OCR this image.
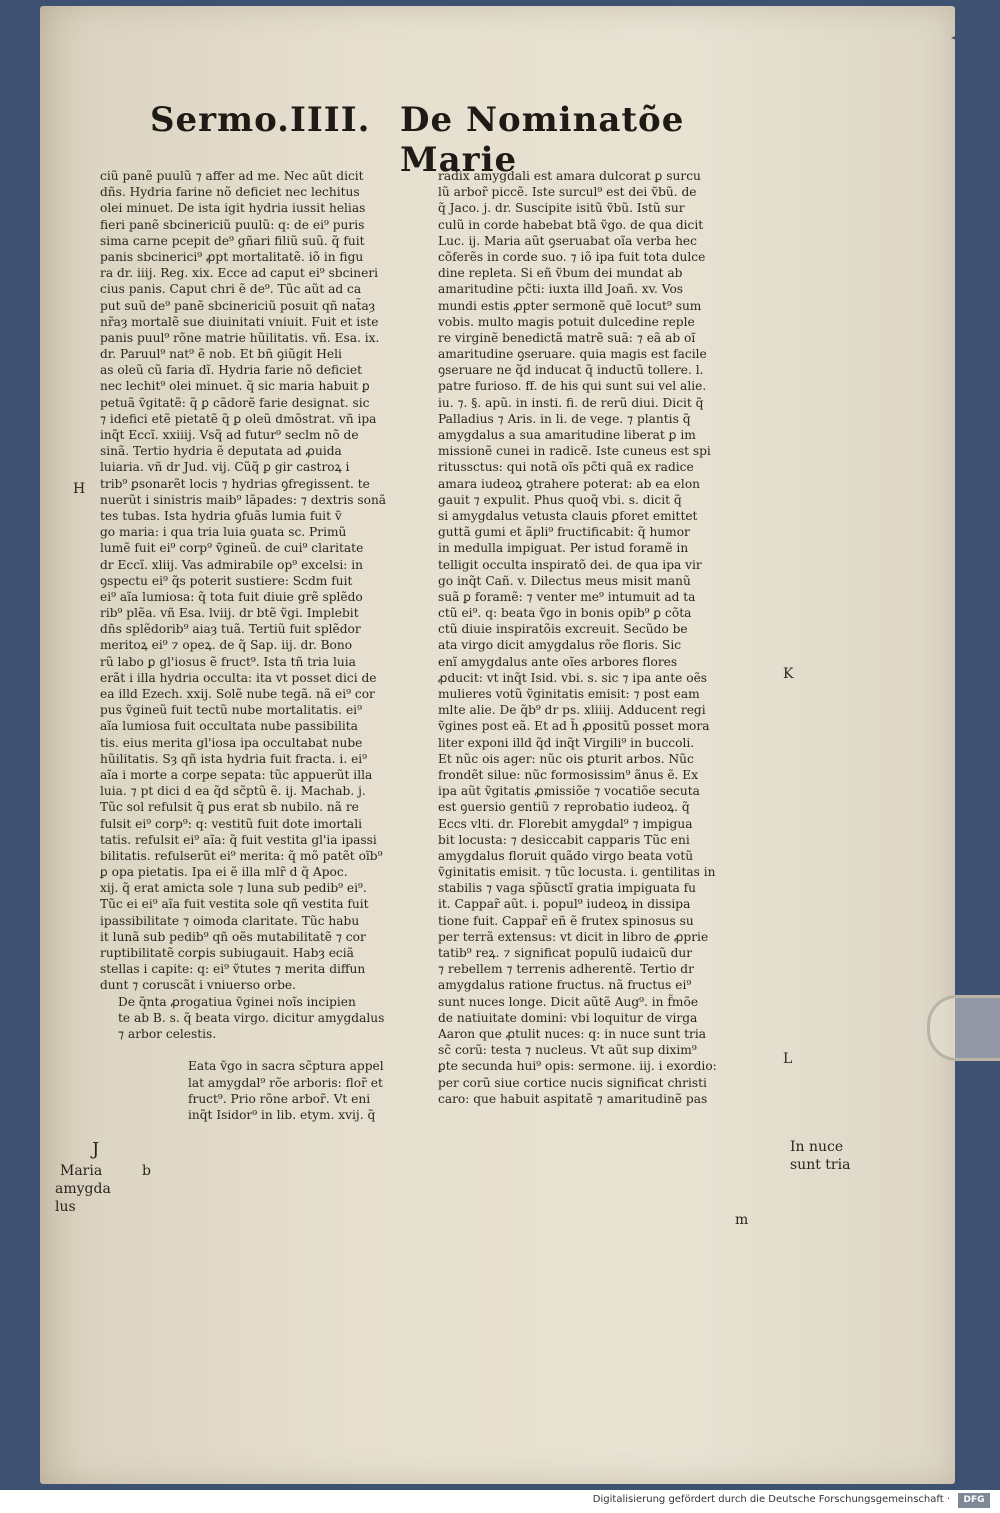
Sermo.IIII. De Nominatõe Marie
ciũ panẽ puulũ ⁊ affer ad me. Nec aũt dicit
dñs. Hydria farine nõ deficiet nec lechitus
olei minuet. De ista igit hydria iussit helias
fieri panẽ sbcinericiũ puulũ: q: de ei⁹ puris
sima carne pcepit de⁹ gñari filiũ suũ. q̃ fuit
panis sbcinerici⁹ ꝓpt mortalitatẽ. iõ in figu
ra dr. iiij. Reg. xix. Ecce ad caput ei⁹ sbcineri
cius panis. Caput chri ẽ de⁹. Tũc aũt ad ca
put suũ de⁹ panẽ sbcinericiũ posuit qñ nat̃aȝ
nr̃aȝ mortalẽ sue diuinitati vniuit. Fuit et iste
panis puul⁹ rõne matrie hũilitatis. vñ. Esa. ix.
dr. Paruul⁹ nat⁹ ẽ nob. Et bñ ꝯiũgit Heli
as oleũ cũ faria dĩ. Hydria farie nõ deficiet
nec lechit⁹ olei minuet. q̃ sic maria habuit ꝑ
petuã ṽgitatẽ: q̃ ꝑ cãdorẽ farie designat. sic
⁊ idefici etẽ pietatẽ q̃ ꝑ oleũ dmõstrat. vñ ipa
inq̃t Eccĩ. xxiiij. Vsq̃ ad futur⁹ seclm nõ de
sinã. Tertio hydria ẽ deputata ad ꝓuida
luiaria. vñ dr Jud. vij. Cũq̃ ꝑ gir castroꝝ i
trib⁹ ꝑsonarẽt locis ⁊ hydrias ꝯfregissent. te
nuerũt i sinistris maib⁹ lãpades: ⁊ dextris sonã
tes tubas. Ista hydria ꝯfuãs lumia fuit ṽ
go maria: i qua tria luia ꝯuata sc. Primũ
lumẽ fuit ei⁹ corp⁹ ṽgineũ. de cui⁹ claritate
dr Eccĩ. xliij. Vas admirabile op⁹ excelsi: in
ꝯspectu ei⁹ q̃s poterit sustiere: Scdm fuit
ei⁹ aĩa lumiosa: q̃ tota fuit diuie grẽ splẽdo
rib⁹ plẽa. vñ Esa. lviij. dr btẽ ṽgi. Implebit
dñs splẽdorib⁹ aiaȝ tuã. Tertiũ fuit splẽdor
meritoꝝ ei⁹ ⁊ opeꝝ. de q̃ Sap. iij. dr. Bono
rũ labo ꝑ gl'iosus ẽ fruct⁹. Ista tñ tria luia
erãt i illa hydria occulta: ita vt posset dici de
ea illd Ezech. xxij. Solẽ nube tegã. nã ei⁹ cor
pus ṽgineũ fuit tectũ nube mortalitatis. ei⁹
aĩa lumiosa fuit occultata nube passibilita
tis. eius merita gl'iosa ipa occultabat nube
hũilitatis. Sȝ qñ ista hydria fuit fracta. i. ei⁹
aĩa i morte a corpe sepata: tũc appuerũt illa
luia. ⁊ pt dici d ea q̃d sc̃ptũ ẽ. ij. Machab. j.
Tũc sol refulsit q̃ ꝑus erat sb nubilo. nã re
fulsit ei⁹ corp⁹: q: vestitũ fuit dote imortali
tatis. refulsit ei⁹ aĩa: q̃ fuit vestita gl'ia ipassi
bilitatis. refulserũt ei⁹ merita: q̃ mõ patẽt oĩb⁹
ꝑ opa pietatis. Ipa ei ẽ illa mlr̃ d q̃ Apoc.
xij. q̃ erat amicta sole ⁊ luna sub pedib⁹ ei⁹.
Tũc ei ei⁹ aĩa fuit vestita sole qñ vestita fuit
ipassibilitate ⁊ oimoda claritate. Tũc habu
it lunã sub pedib⁹ qñ oẽs mutabilitatẽ ⁊ cor
ruptibilitatẽ corꝑis subiugauit. Habȝ eciã
stellas i capite: q: ei⁹ ṽtutes ⁊ merita diffun
dunt ⁊ coruscãt i vniuerso orbe.
De q̃nta ꝓrogatiua ṽginei noĩs incipien
te ab B. s. q̃ beata virgo. dicitur amygdalus
⁊ arbor celestis.
Eata ṽgo in sacra sc̃ptura appel
lat amygdal⁹ rõe arboris: flor̃ et
fruct⁹. Prio rõne arbor̃. Vt eni
inq̃t Isidor⁹ in lib. etym. xvij. q̃
radix amygdali est amara dulcorat ꝑ surcu
lũ arbor̃ piccẽ. Iste surcul⁹ est dei ṽbũ. de
q̃ Jaco. j. dr. Suscipite isitũ ṽbũ. Istũ sur
culũ in corde habebat btã ṽgo. de qua dicit
Luc. ij. Maria aũt ꝯseruabat oĩa verba hec
cõferẽs in corde suo. ⁊ iõ ipa fuit tota dulce
dine repleta. Si eñ ṽbum dei mundat ab
amaritudine pc̃ti: iuxta illd Joañ. xv. Vos
mundi estis ꝓpter sermonẽ quẽ locut⁹ sum
vobis. multo magis potuit dulcedine reple
re virginẽ benedictã matrẽ suã: ⁊ eã ab oĩ
amaritudine ꝯseruare. quia magis est facile
ꝯseruare ne q̃d inducat q̃ inductũ tollere. l.
patre furioso. ff. de his qui sunt sui vel alie.
iu. ⁊. §. apũ. in insti. fi. de rerũ diui. Dicit q̃
Palladius ⁊ Aris. in li. de vege. ⁊ plantis q̃
amygdalus a sua amaritudine liberat ꝑ im
missionẽ cunei in radicẽ. Iste cuneus est spi
ritussctus: qui notã oĩs pc̃ti quã ex radice
amara iudeoꝝ ꝯtrahere poterat: ab ea elon
gauit ⁊ expulit. Phus quoq̃ vbi. s. dicit q̃
si amygdalus vetusta clauis ꝑforet emittet
guttã gumi et ãpli⁹ fructificabit: q̃ humor
in medulla impiguat. Per istud foramẽ in
telligit occulta inspiratõ dei. de qua ipa vir
go inq̃t Cañ. v. Dilectus meus misit manũ
suã ꝑ foramẽ: ⁊ venter me⁹ intumuit ad ta
ctũ ei⁹. q: beata ṽgo in bonis opib⁹ ꝑ cõta
ctũ diuie inspiratõis excreuit. Secũdo be
ata virgo dicit amygdalus rõe floris. Sic
enĩ amygdalus ante oĩes arbores flores
ꝓducit: vt inq̃t Isid. vbi. s. sic ⁊ ipa ante oẽs
mulieres votũ ṽginitatis emisit: ⁊ post eam
mlte alie. De q̃b⁹ dr ps. xliiij. Adducent regi
ṽgines post eã. Et ad h̃ ꝓpositũ posset mora
liter exponi illd q̃d inq̃t Virgili⁹ in buccoli.
Et nũc ois ager: nũc ois ꝑturit arbos. Nũc
frondẽt silue: nũc formosissim⁹ ãnus ẽ. Ex
ipa aũt ṽgitatis ꝓmissiõe ⁊ vocatiõe secuta
est ꝯuersio gentiũ ⁊ reprobatio iudeoꝝ. q̃
Eccs vlti. dr. Florebit amygdal⁹ ⁊ impigua
bit locusta: ⁊ desiccabit capparis Tũc eni
amygdalus floruit quãdo virgo beata votũ
ṽginitatis emisit. ⁊ tũc locusta. i. gentilitas in
stabilis ⁊ vaga sp̃ũsctĩ gratia impiguata fu
it. Cappar̃ aũt. i. popul⁹ iudeoꝝ in dissipa
tione fuit. Cappar̃ eñ ẽ frutex spinosus su
per terrã extensus: vt dicit in libro de ꝓprie
tatib⁹ reꝝ. ⁊ significat populũ iudaicũ dur
⁊ rebellem ⁊ terrenis adherentẽ. Tertio dr
amygdalus ratione fructus. nã fructus ei⁹
sunt nuces longe. Dicit aũtẽ Aug⁹. in f̃mõe
de natiuitate domini: vbi loquitur de virga
Aaron que ꝓtulit nuces: q: in nuce sunt tria
sc̃ corũ: testa ⁊ nucleus. Vt aũt sup dixim⁹
ꝑte secunda hui⁹ opis: sermone. iij. i exordio:
per corũ siue cortice nucis significat christi
caro: que habuit aspitatẽ ⁊ amaritudinẽ pas
H
K
L
J
b
Maria
amygda
lus
In nuce
sunt tria
m
Digitalisierung gefördert durch die Deutsche Forschungsgemeinschaft ·	DFG
